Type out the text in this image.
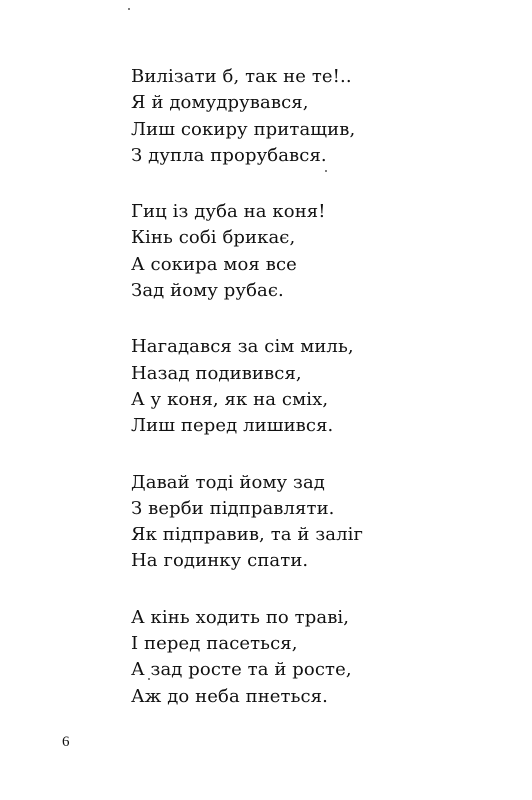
Вилізати б, так не те!..
Я й домудрувався,
Лиш сокиру притащив,
З дупла прорубався.
Гиц із дуба на коня!
Кінь собі брикає,
А сокира моя все
Зад йому рубає.
Нагадався за сім миль,
Назад подивився,
А у коня, як на сміх,
Лиш перед лишився.
Давай тоді йому зад
З верби підправляти.
Як підправив, та й заліг
На годинку спати.
А кінь ходить по траві,
І перед пасеться,
А зад росте та й росте,
Аж до неба пнеться.
6
